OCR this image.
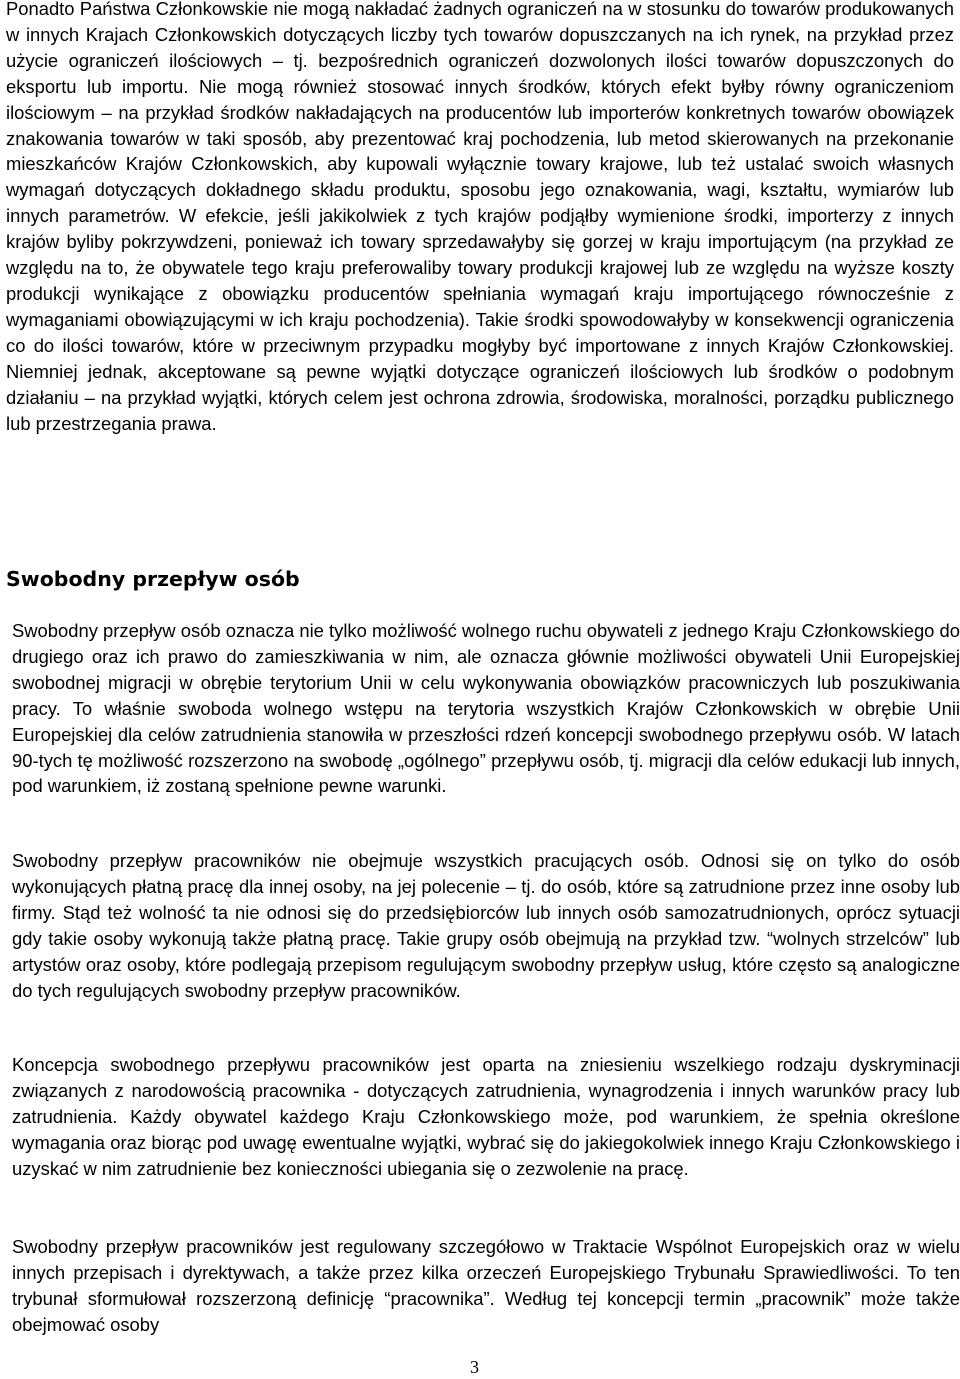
Ponadto Państwa Członkowskie nie mogą nakładać żadnych ograniczeń na w stosunku do towarów produkowanych w innych Krajach Członkowskich dotyczących liczby tych towarów dopuszczanych na ich rynek, na przykład przez użycie ograniczeń ilościowych – tj. bezpośrednich ograniczeń dozwolonych ilości towarów dopuszczonych do eksportu lub importu. Nie mogą również stosować innych środków, których efekt byłby równy ograniczeniom ilościowym – na przykład środków nakładających na producentów lub importerów konkretnych towarów obowiązek znakowania towarów w taki sposób, aby prezentować kraj pochodzenia, lub metod skierowanych na przekonanie mieszkańców Krajów Członkowskich, aby kupowali wyłącznie towary krajowe, lub też ustalać swoich własnych wymagań dotyczących dokładnego składu produktu, sposobu jego oznakowania, wagi, kształtu, wymiarów lub innych parametrów. W efekcie, jeśli jakikolwiek z tych krajów podjąłby wymienione środki, importerzy z innych krajów byliby pokrzywdzeni, ponieważ ich towary sprzedawałyby się gorzej w kraju importującym (na przykład ze względu na to, że obywatele tego kraju preferowaliby towary produkcji krajowej lub ze względu na wyższe koszty produkcji wynikające z obowiązku producentów spełniania wymagań kraju importującego równocześnie z wymaganiami obowiązującymi w ich kraju pochodzenia). Takie środki spowodowałyby w konsekwencji ograniczenia co do ilości towarów, które w przeciwnym przypadku mogłyby być importowane z innych Krajów Członkowskiej. Niemniej jednak, akceptowane są pewne wyjątki dotyczące ograniczeń ilościowych lub środków o podobnym działaniu – na przykład wyjątki, których celem jest ochrona zdrowia, środowiska, moralności, porządku publicznego lub przestrzegania prawa.

Swobodny przepływ osób

Swobodny przepływ osób oznacza nie tylko możliwość wolnego ruchu obywateli z jednego Kraju Członkowskiego do drugiego oraz ich prawo do zamieszkiwania w nim, ale oznacza głównie możliwości obywateli Unii Europejskiej swobodnej migracji w obrębie terytorium Unii w celu wykonywania obowiązków pracowniczych lub poszukiwania pracy. To właśnie swoboda wolnego wstępu na terytoria wszystkich Krajów Członkowskich w obrębie Unii Europejskiej dla celów zatrudnienia stanowiła w przeszłości rdzeń koncepcji swobodnego przepływu osób. W latach 90-tych tę możliwość rozszerzono na swobodę „ogólnego” przepływu osób, tj. migracji dla celów edukacji lub innych, pod warunkiem, iż zostaną spełnione pewne warunki.

Swobodny przepływ pracowników nie obejmuje wszystkich pracujących osób. Odnosi się on tylko do osób wykonujących płatną pracę dla innej osoby, na jej polecenie – tj. do osób, które są zatrudnione przez inne osoby lub firmy. Stąd też wolność ta nie odnosi się do przedsiębiorców lub innych osób samozatrudnionych, oprócz sytuacji gdy takie osoby wykonują także płatną pracę. Takie grupy osób obejmują na przykład tzw. “wolnych strzelców” lub artystów oraz osoby, które podlegają przepisom regulującym swobodny przepływ usług, które często są analogiczne do tych regulujących swobodny przepływ pracowników.

Koncepcja swobodnego przepływu pracowników jest oparta na zniesieniu wszelkiego rodzaju dyskryminacji związanych z narodowością pracownika - dotyczących zatrudnienia, wynagrodzenia i innych warunków pracy lub zatrudnienia. Każdy obywatel każdego Kraju Członkowskiego może, pod warunkiem, że spełnia określone wymagania oraz biorąc pod uwagę ewentualne wyjątki, wybrać się do jakiegokolwiek innego Kraju Członkowskiego i uzyskać w nim zatrudnienie bez konieczności ubiegania się o zezwolenie na pracę.

Swobodny przepływ pracowników jest regulowany szczegółowo w Traktacie Wspólnot Europejskich oraz w wielu innych przepisach i dyrektywach, a także przez kilka orzeczeń Europejskiego Trybunału Sprawiedliwości. To ten trybunał sformułował rozszerzoną definicję “pracownika”. Według tej koncepcji termin „pracownik” może także obejmować osoby

3
